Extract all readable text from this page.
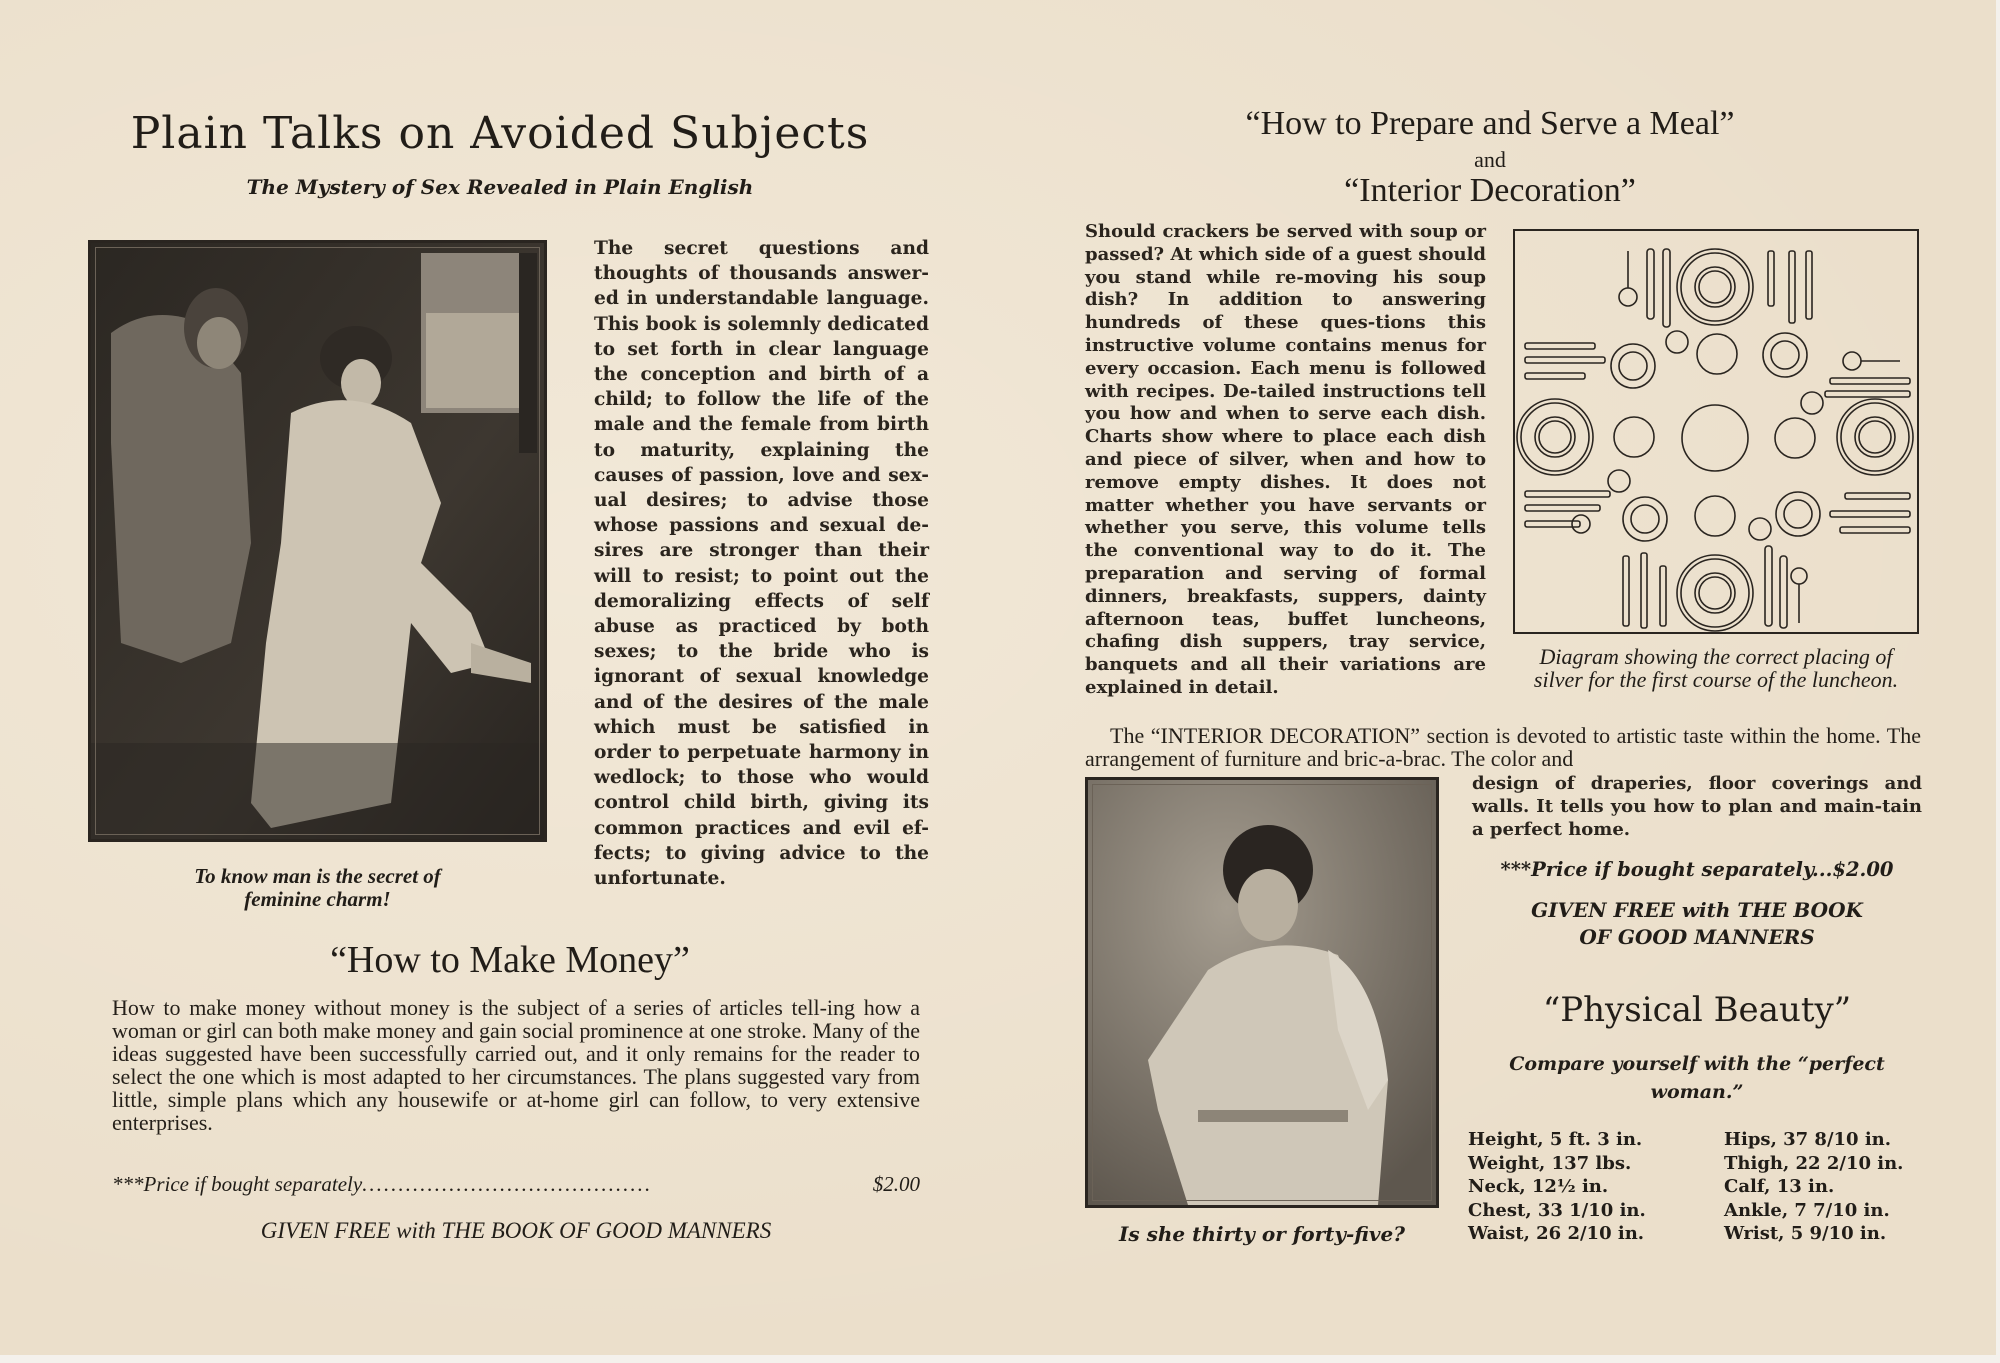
Plain Talks on Avoided Subjects
The Mystery of Sex Revealed in Plain English
To know man is the secret of
feminine charm!
The secret questions and thoughts of thousands answer-ed in understandable language. This book is solemnly dedicated to set forth in clear language the conception and birth of a child; to follow the life of the male and the female from birth to maturity, explaining the causes of passion, love and sex-ual desires; to advise those whose passions and sexual de-sires are stronger than their will to resist; to point out the demoralizing effects of self abuse as practiced by both sexes; to the bride who is ignorant of sexual knowledge and of the desires of the male which must be satisfied in order to perpetuate harmony in wedlock; to those who would control child birth, giving its common practices and evil ef-fects; to giving advice to the unfortunate.
“How to Make Money”
How to make money without money is the subject of a series of articles tell-ing how a woman or girl can both make money and gain social prominence at one stroke. Many of the ideas suggested have been successfully carried out, and it only remains for the reader to select the one which is most adapted to her circumstances. The plans suggested vary from little, simple plans which any housewife or at-home girl can follow, to very extensive enterprises.
***Price if bought separately ........................................	$2.00
GIVEN FREE with THE BOOK OF GOOD MANNERS
“How to Prepare and Serve a Meal”
and
“Interior Decoration”
Should crackers be served with soup or passed? At which side of a guest should you stand while re-moving his soup dish? In addition to answering hundreds of these ques-tions this instructive volume contains menus for every occasion. Each menu is followed with recipes. De-tailed instructions tell you how and when to serve each dish. Charts show where to place each dish and piece of silver, when and how to remove empty dishes. It does not matter whether you have servants or whether you serve, this volume tells the conventional way to do it. The preparation and serving of formal dinners, breakfasts, suppers, dainty afternoon teas, buffet luncheons, chafing dish suppers, tray service, banquets and all their variations are explained in detail.
Diagram showing the correct placing of silver for the first course of the luncheon.
The “INTERIOR DECORATION” section is devoted to artistic taste within the home. The arrangement of furniture and bric-a-brac. The color and
Is she thirty or forty-five?
design of draperies, floor coverings and walls. It tells you how to plan and main-tain a perfect home.
***Price if bought separately...$2.00
GIVEN FREE with THE BOOK OF GOOD MANNERS
“Physical Beauty”
Compare yourself with the “perfect woman.”
Height, 5 ft. 3 in.
Weight, 137 lbs.
Neck, 12½ in.
Chest, 33 1/10 in.
Waist, 26 2/10 in.
Hips, 37 8/10 in.
Thigh, 22 2/10 in.
Calf, 13 in.
Ankle, 7 7/10 in.
Wrist, 5 9/10 in.
